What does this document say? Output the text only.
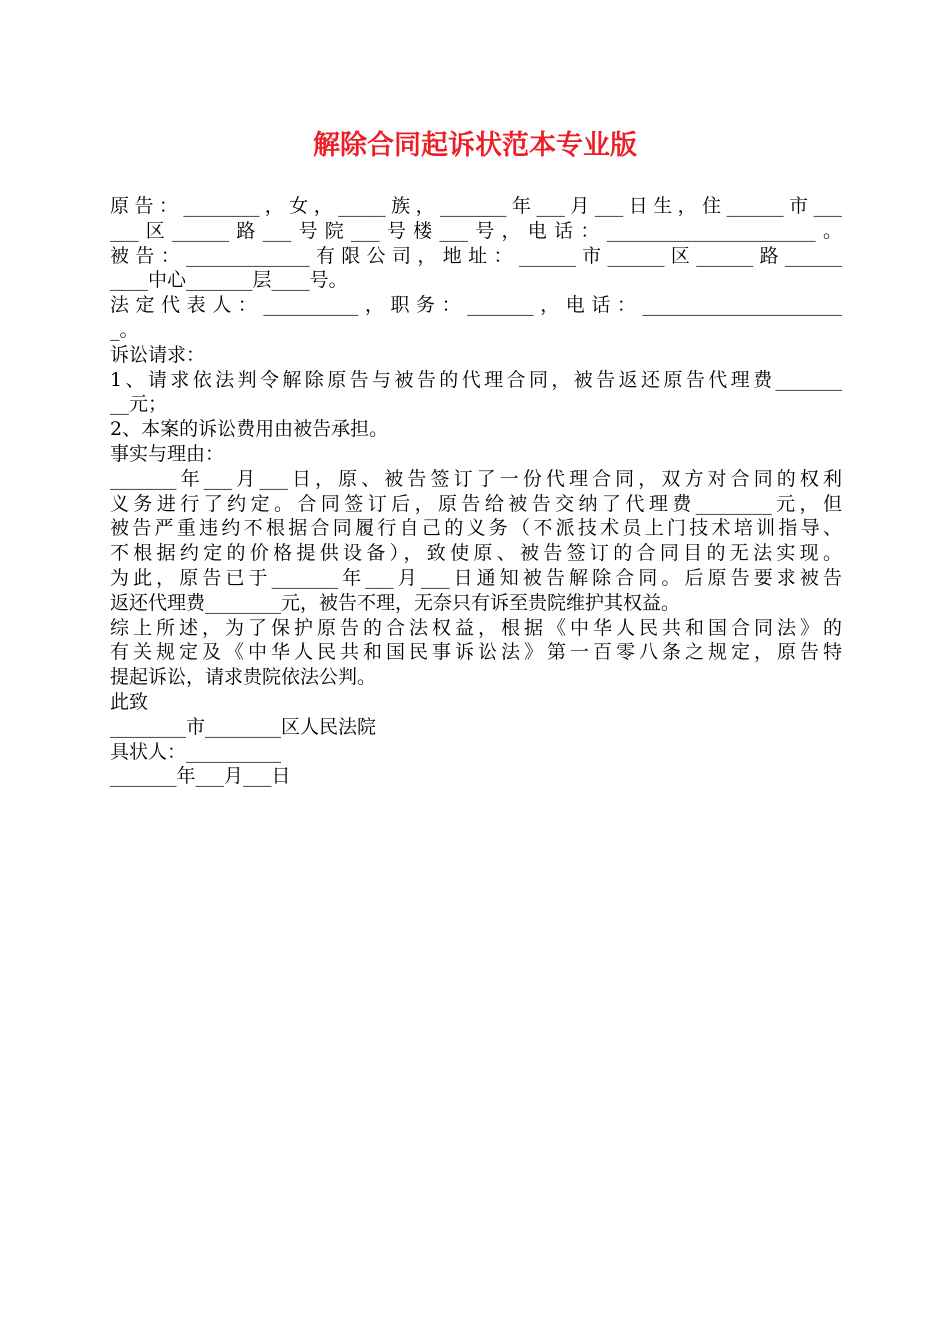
解除合同起诉状范本专业版
原告：________，女，_____族，_______年___月___日生，住______市___
___区______路___号院___号楼___号，电话：______________________。
被告：_____________有限公司，地址：______市______区______路______
____中心_______层____号。
法定代表人：__________，职务：_______，电话：_____________________
_。
诉讼请求：
1、请求依法判令解除原告与被告的代理合同，被告返还原告代理费_______
__元；
2、本案的诉讼费用由被告承担。
事实与理由：
_______年___月___日，原、被告签订了一份代理合同，双方对合同的权利
义务进行了约定。合同签订后，原告给被告交纳了代理费________元，但
被告严重违约不根据合同履行自己的义务（不派技术员上门技术培训指导、
不根据约定的价格提供设备），致使原、被告签订的合同目的无法实现。
为此，原告已于_______年___月___日通知被告解除合同。后原告要求被告
返还代理费________元，被告不理，无奈只有诉至贵院维护其权益。
综上所述，为了保护原告的合法权益，根据《中华人民共和国合同法》的
有关规定及《中华人民共和国民事诉讼法》第一百零八条之规定，原告特
提起诉讼，请求贵院依法公判。
此致
________市________区人民法院
具状人：__________
_______年___月___日
